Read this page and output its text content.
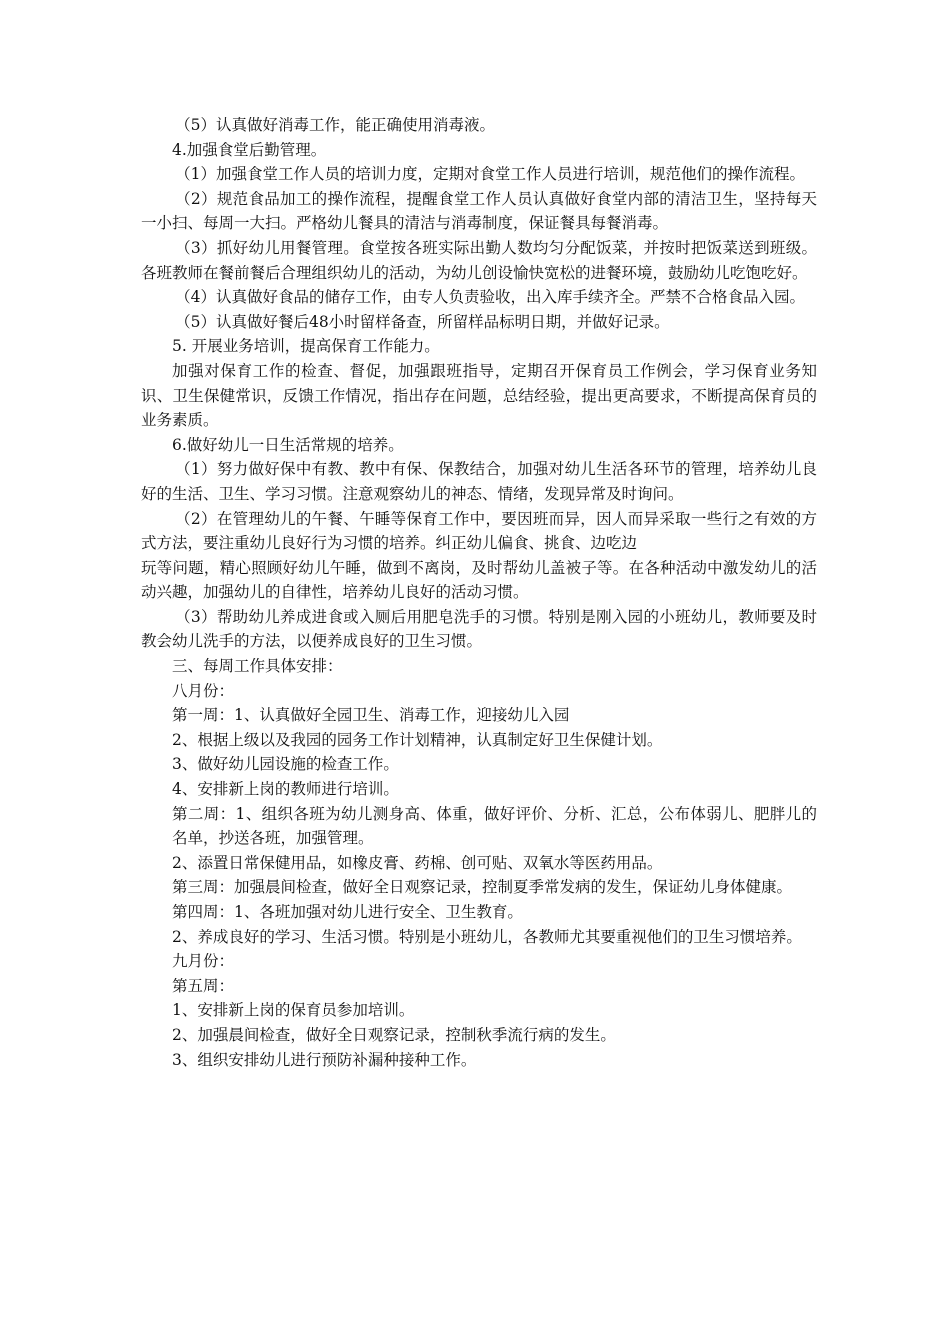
（5）认真做好消毒工作，能正确使用消毒液。

4.加强食堂后勤管理。

（1）加强食堂工作人员的培训力度，定期对食堂工作人员进行培训，规范他们的操作流程。

（2）规范食品加工的操作流程，提醒食堂工作人员认真做好食堂内部的清洁卫生，坚持每天一小扫、每周一大扫。严格幼儿餐具的清洁与消毒制度，保证餐具每餐消毒。

（3）抓好幼儿用餐管理。食堂按各班实际出勤人数均匀分配饭菜，并按时把饭菜送到班级。各班教师在餐前餐后合理组织幼儿的活动，为幼儿创设愉快宽松的进餐环境，鼓励幼儿吃饱吃好。

（4）认真做好食品的储存工作，由专人负责验收，出入库手续齐全。严禁不合格食品入园。

（5）认真做好餐后48小时留样备查，所留样品标明日期，并做好记录。

5. 开展业务培训，提高保育工作能力。

加强对保育工作的检查、督促，加强跟班指导，定期召开保育员工作例会，学习保育业务知识、卫生保健常识，反馈工作情况，指出存在问题，总结经验，提出更高要求，不断提高保育员的业务素质。

6.做好幼儿一日生活常规的培养。

（1）努力做好保中有教、教中有保、保教结合，加强对幼儿生活各环节的管理，培养幼儿良好的生活、卫生、学习习惯。注意观察幼儿的神态、情绪，发现异常及时询问。

（2）在管理幼儿的午餐、午睡等保育工作中，要因班而异，因人而异采取一些行之有效的方式方法，要注重幼儿良好行为习惯的培养。纠正幼儿偏食、挑食、边吃边

玩等问题，精心照顾好幼儿午睡，做到不离岗，及时帮幼儿盖被子等。在各种活动中激发幼儿的活动兴趣，加强幼儿的自律性，培养幼儿良好的活动习惯。

（3）帮助幼儿养成进食或入厕后用肥皂洗手的习惯。特别是刚入园的小班幼儿，教师要及时教会幼儿洗手的方法，以便养成良好的卫生习惯。

三、每周工作具体安排：

八月份：

第一周：1、认真做好全园卫生、消毒工作，迎接幼儿入园

2、根据上级以及我园的园务工作计划精神，认真制定好卫生保健计划。

3、做好幼儿园设施的检查工作。

4、安排新上岗的教师进行培训。

第二周：1、组织各班为幼儿测身高、体重，做好评价、分析、汇总，公布体弱儿、肥胖儿的名单，抄送各班，加强管理。

2、添置日常保健用品，如橡皮膏、药棉、创可贴、双氧水等医药用品。

第三周：加强晨间检查，做好全日观察记录，控制夏季常发病的发生，保证幼儿身体健康。

第四周：1、各班加强对幼儿进行安全、卫生教育。

2、养成良好的学习、生活习惯。特别是小班幼儿，各教师尤其要重视他们的卫生习惯培养。

九月份：

第五周：

1、安排新上岗的保育员参加培训。

2、加强晨间检查，做好全日观察记录，控制秋季流行病的发生。

3、组织安排幼儿进行预防补漏种接种工作。
